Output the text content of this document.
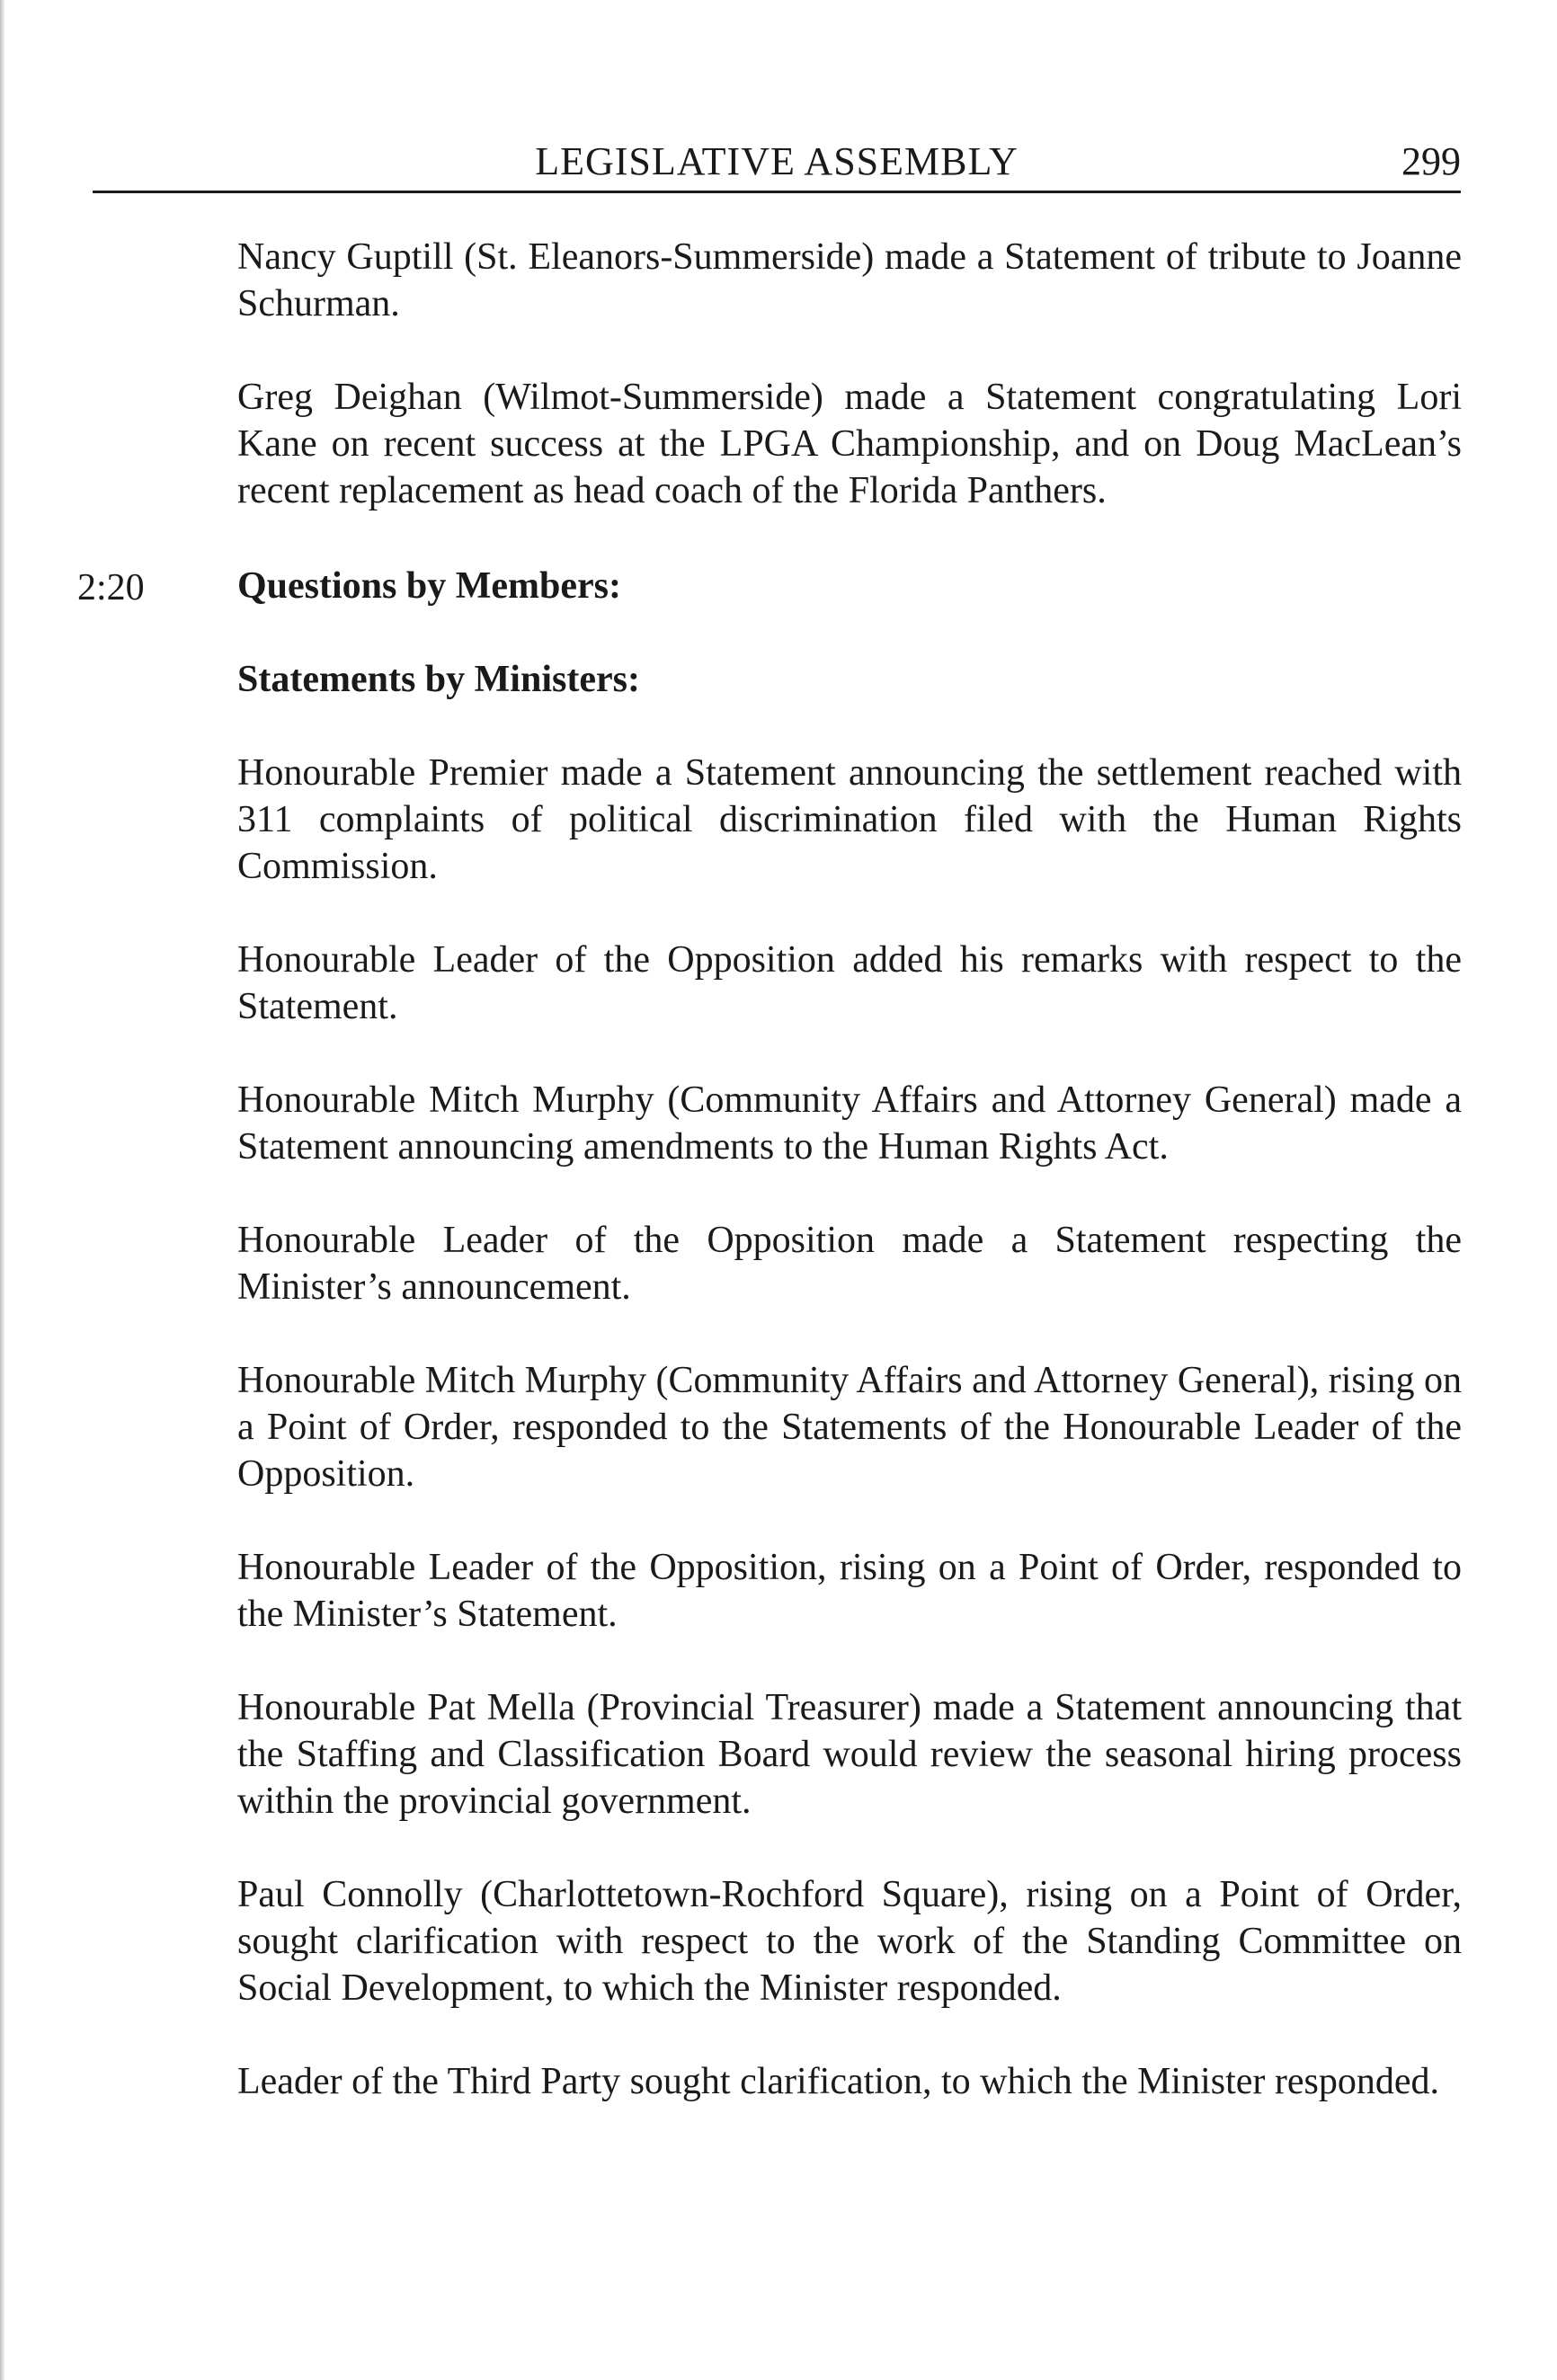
LEGISLATIVE ASSEMBLY	299
2:20

Nancy Guptill (St. Eleanors-Summerside) made a Statement of tribute to Joanne Schurman.

Greg Deighan (Wilmot-Summerside) made a Statement congratulating Lori Kane on recent success at the LPGA Championship, and on Doug MacLean’s recent replacement as head coach of the Florida Panthers.

Questions by Members:

Statements by Ministers:

Honourable Premier made a Statement announcing the settlement reached with 311 complaints of political discrimination filed with the Human Rights Commission.

Honourable Leader of the Opposition added his remarks with respect to the Statement.

Honourable Mitch Murphy (Community Affairs and Attorney General) made a Statement announcing amendments to the Human Rights Act.

Honourable Leader of the Opposition made a Statement respecting the Minister’s announcement.

Honourable Mitch Murphy (Community Affairs and Attorney General), rising on a Point of Order, responded to the Statements of the Honourable Leader of the Opposition.

Honourable Leader of the Opposition, rising on a Point of Order, responded to the Minister’s Statement.

Honourable Pat Mella (Provincial Treasurer) made a Statement announcing that the Staffing and Classification Board would review the seasonal hiring process within the provincial government.

Paul Connolly (Charlottetown-Rochford Square), rising on a Point of Order, sought clarification with respect to the work of the Standing Committee on Social Development, to which the Minister responded.

Leader of the Third Party sought clarification, to which the Minister responded.
